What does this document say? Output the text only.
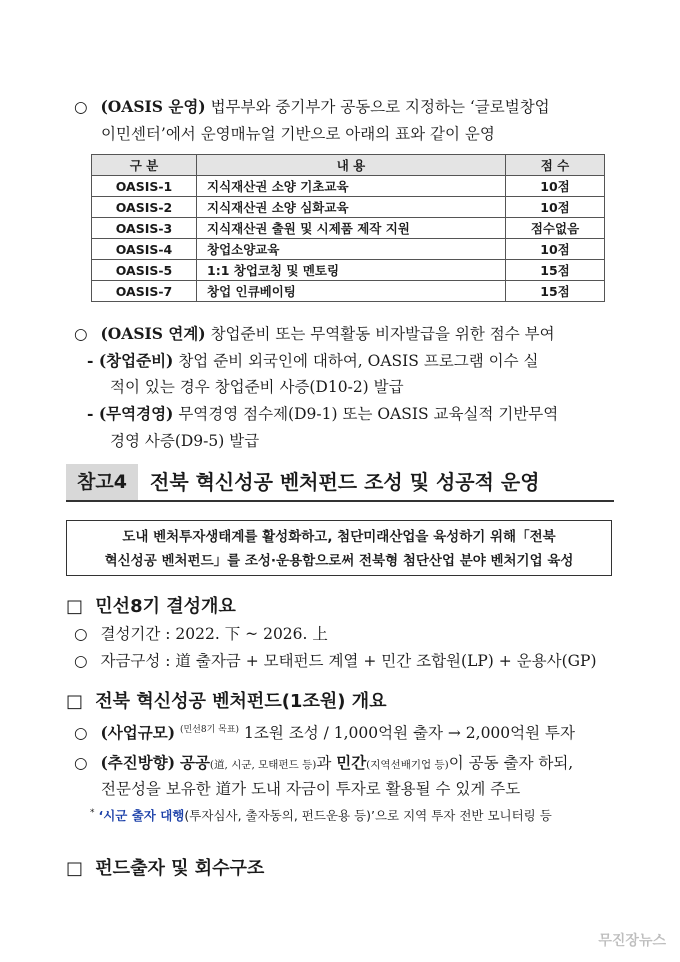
○ (OASIS 운영) 법무부와 중기부가 공동으로 지정하는 ‘글로벌창업
이민센터’에서 운영매뉴얼 기반으로 아래의 표와 같이 운영
구 분	내 용	점 수
OASIS-1	지식재산권 소양 기초교육	10점
OASIS-2	지식재산권 소양 심화교육	10점
OASIS-3	지식재산권 출원 및 시제품 제작 지원	점수없음
OASIS-4	창업소양교육	10점
OASIS-5	1:1 창업코칭 및 멘토링	15점
OASIS-7	창업 인큐베이팅	15점
○ (OASIS 연계) 창업준비 또는 무역활동 비자발급을 위한 점수 부여
- (창업준비) 창업 준비 외국인에 대하여, OASIS 프로그램 이수 실
적이 있는 경우 창업준비 사증(D10-2) 발급
- (무역경영) 무역경영 점수제(D9-1) 또는 OASIS 교육실적 기반무역
경영 사증(D9-5) 발급
참고4	전북 혁신성공 벤처펀드 조성 및 성공적 운영
도내 벤처투자생태계를 활성화하고, 첨단미래산업을 육성하기 위해「전북
혁신성공 벤처펀드」를 조성·운용함으로써 전북형 첨단산업 분야 벤처기업 육성
□ 민선8기 결성개요
○ 결성기간 : 2022. 下 ~ 2026. 上
○ 자금구성 : 道 출자금 + 모태펀드 계열 + 민간 조합원(LP) + 운용사(GP)
□ 전북 혁신성공 벤처펀드(1조원) 개요
○ (사업규모) $^{(민선8기 목표)}$ 1조원 조성 / 1,000억원 출자 → 2,000억원 투자
○ (추진방향) 공공(道, 시군, 모태펀드 등)과 민간(지역선배기업 등)이 공동 출자 하되,
전문성을 보유한 道가 도내 자금이 투자로 활용될 수 있게 주도
* ‘시군 출자 대행(투자심사, 출자동의, 펀드운용 등)’으로 지역 투자 전반 모니터링 등
□ 펀드출자 및 회수구조
무진장뉴스
